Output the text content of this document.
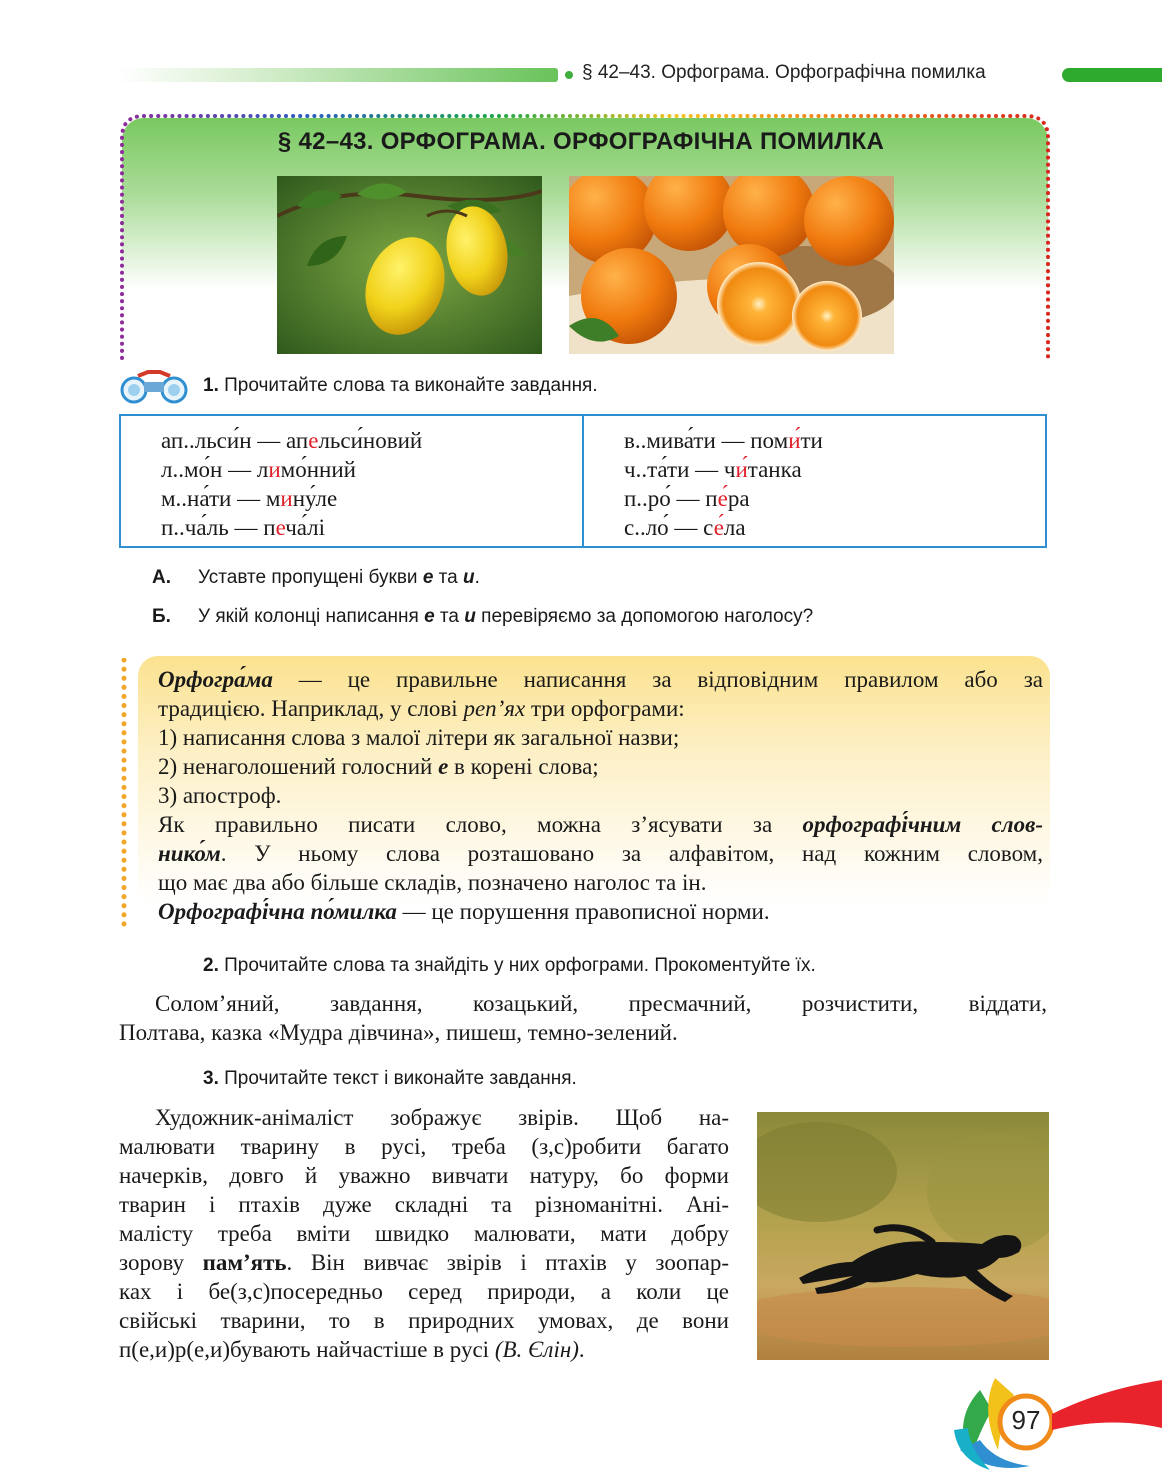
§ 42–43. Орфограма. Орфографічна помилка
§ 42–43. ОРФОГРАМА. ОРФОГРАФІЧНА ПОМИЛКА
1. Прочитайте слова та виконайте завдання.
ап..льси́н — апельси́новий
л..мо́н — лимо́нний
м..на́ти — мину́ле
п..ча́ль — печа́лі
в..мива́ти — поми́ти
ч..та́ти — чи́танка
п..ро́ — пе́ра
с..ло́ — се́ла
А. Уставте пропущені букви е та и.
Б. У якій колонці написання е та и перевіряємо за допомогою наголосу?
Орфогра́ма — це правильне написання за відповідним правилом або за
традицією. Наприклад, у слові реп’ях три орфограми:
1) написання слова з малої літери як загальної назви;
2) ненаголошений голосний е в корені слова;
3) апостроф.
Як правильно писати слово, можна з’ясувати за орфографі́чним слов-
нико́м. У ньому слова розташовано за алфавітом, над кожним словом,
що має два або більше складів, позначено наголос та ін.
Орфографі́чна по́милка — це порушення правописної норми.
2. Прочитайте слова та знайдіть у них орфограми. Прокоментуйте їх.
Солом’яний, завдання, козацький, пресмачний, розчистити, віддати,
Полтава, казка «Мудра дівчина», пишеш, темно-зелений.
3. Прочитайте текст і виконайте завдання.
Художник-анімаліст зображує звірів. Щоб на-
малювати тварину в русі, треба (з,с)робити багато
начерків, довго й уважно вивчати натуру, бо форми
тварин і птахів дуже складні та різноманітні. Ані-
малісту треба вміти швидко малювати, мати добру
зорову пам’ять. Він вивчає звірів і птахів у зоопар-
ках і бе(з,с)посередньо серед природи, а коли це
свійські тварини, то в природних умовах, де вони
п(е,и)р(е,и)бувають найчастіше в русі (В. Єлін).
97
